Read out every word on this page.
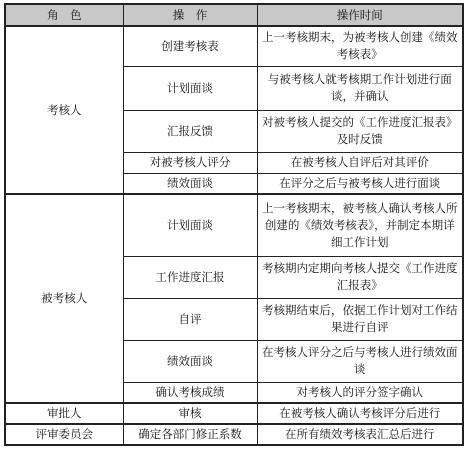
角　色	操　作	操作时间
考核人	创建考核表	上一考核期末，为被考核人创建《绩效考核表》
	计划面谈	与被考核人就考核期工作计划进行面谈，并确认
	汇报反馈	对被考核人提交的《工作进度汇报表》及时反馈
	对被考核人评分	在被考核人自评后对其评价
	绩效面谈	在评分之后与被考核人进行面谈
被考核人	计划面谈	上一考核期末，被考核人确认考核人所创建的《绩效考核表》，并制定本期详细工作计划
	工作进度汇报	考核期内定期向考核人提交《工作进度汇报表》
	自评	考核期结束后，依据工作计划对工作结果进行自评
	绩效面谈	在考核人评分之后与考核人进行绩效面谈
	确认考核成绩	对考核人的评分签字确认
审批人	审核	在被考核人确认考核评分后进行
评审委员会	确定各部门修正系数	在所有绩效考核表汇总后进行
